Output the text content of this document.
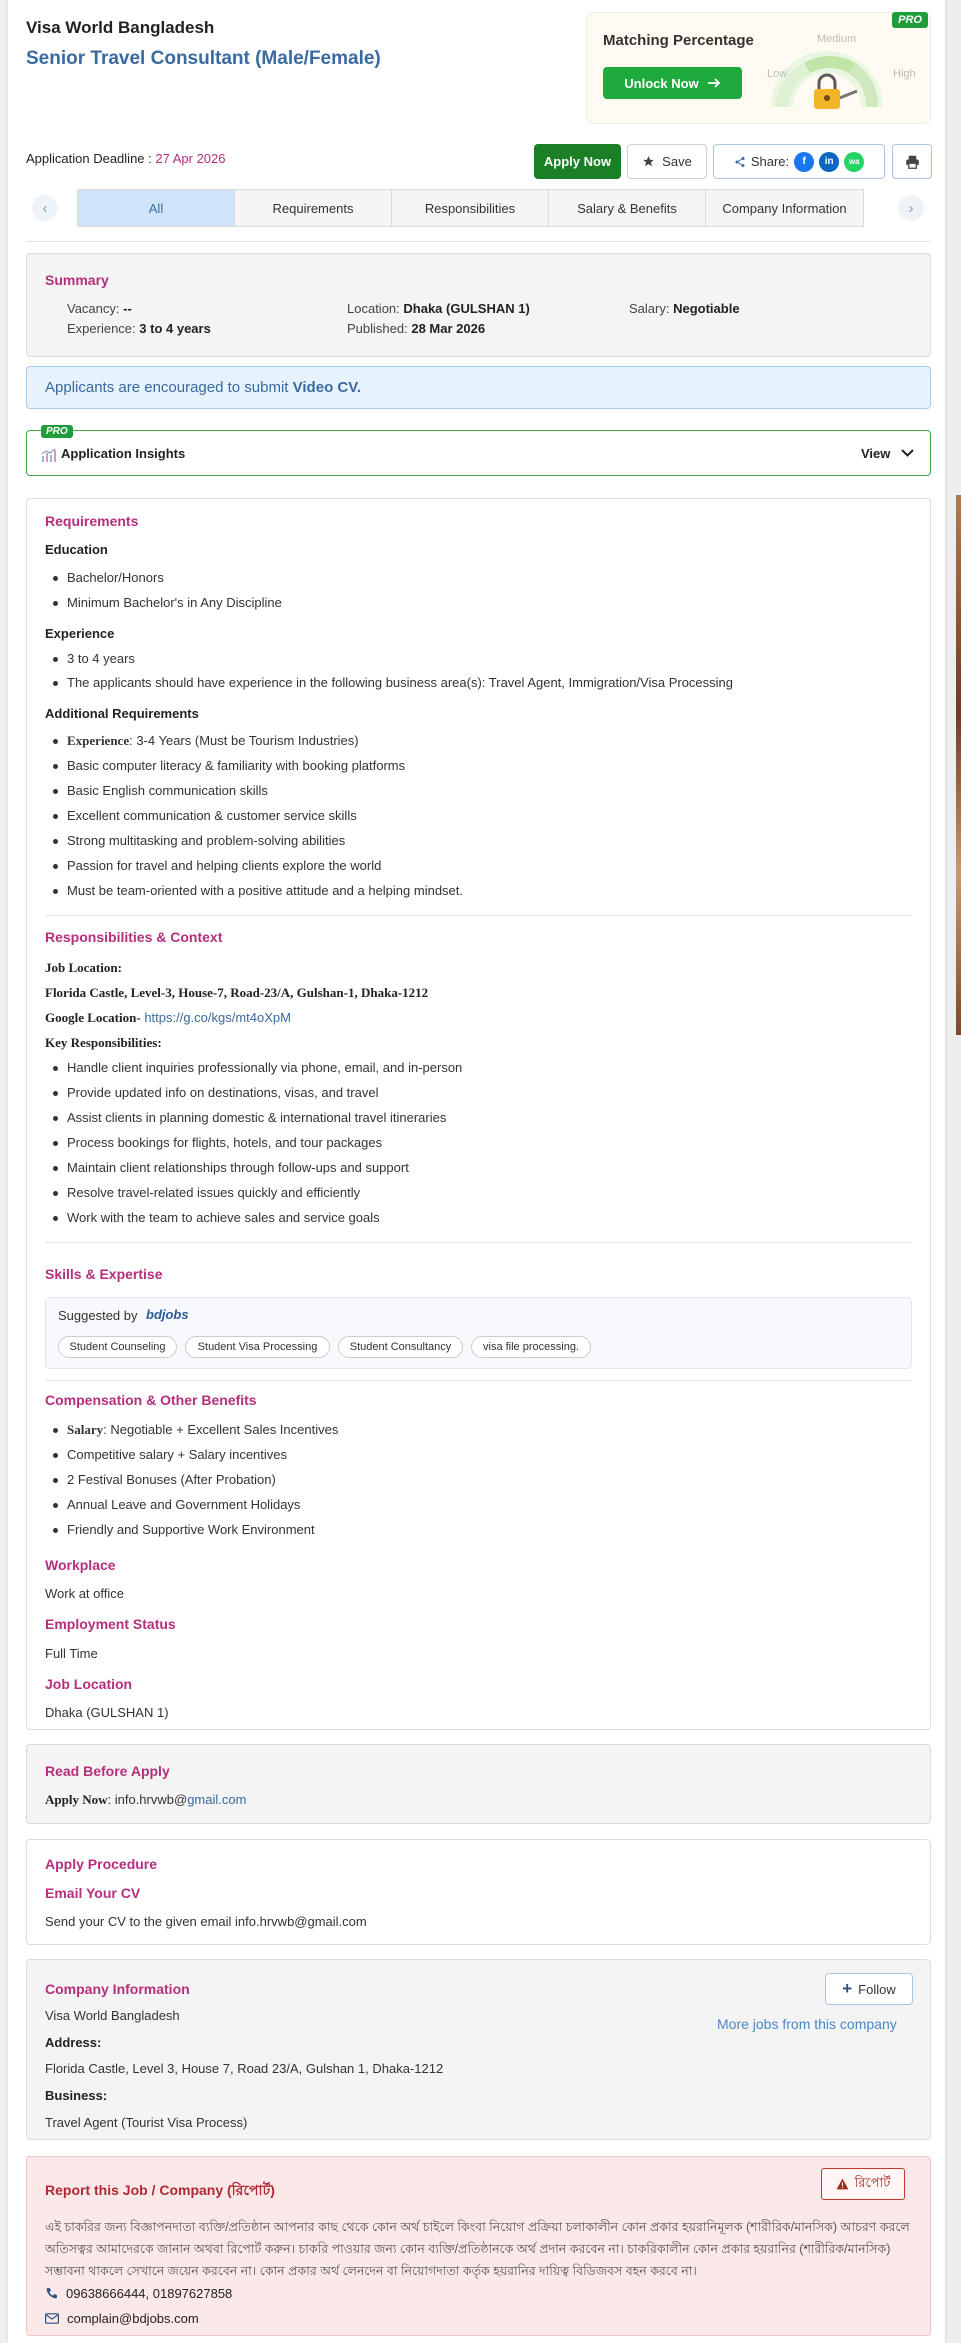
Visa World Bangladesh
Senior Travel Consultant (Male/Female)
Matching Percentage
PRO
Unlock Now
Low
Medium
High
Application Deadline : 27 Apr 2026	Apply Now	Save	Share:	f	in	wa
‹	All	Requirements	Responsibilities	Salary & Benefits	Company Information	›
Summary
Vacancy: --	Location: Dhaka (GULSHAN 1)	Salary: Negotiable
Experience: 3 to 4 years	Published: 28 Mar 2026
Applicants are encouraged to submit
Video CV.
PRO
Application Insights	View
Requirements
Education
Bachelor/Honors
Minimum Bachelor's in Any Discipline
Experience
3 to 4 years
The applicants should have experience in the following business area(s): Travel Agent, Immigration/Visa Processing
Additional Requirements
Experience: 3-4 Years (Must be Tourism Industries)
Basic computer literacy & familiarity with booking platforms
Basic English communication skills
Excellent communication & customer service skills
Strong multitasking and problem-solving abilities
Passion for travel and helping clients explore the world
Must be team-oriented with a positive attitude and a helping mindset.
Responsibilities & Context
Job Location:
Florida Castle, Level-3, House-7, Road-23/A, Gulshan-1, Dhaka-1212
Google Location- https://g.co/kgs/mt4oXpM
Key Responsibilities:
Handle client inquiries professionally via phone, email, and in-person
Provide updated info on destinations, visas, and travel
Assist clients in planning domestic & international travel itineraries
Process bookings for flights, hotels, and tour packages
Maintain client relationships through follow-ups and support
Resolve travel-related issues quickly and efficiently
Work with the team to achieve sales and service goals
Skills & Expertise
Suggested by bdjobs
Student Counseling	Student Visa Processing	Student Consultancy	visa file processing.
Compensation & Other Benefits
Salary: Negotiable + Excellent Sales Incentives
Competitive salary + Salary incentives
2 Festival Bonuses (After Probation)
Annual Leave and Government Holidays
Friendly and Supportive Work Environment
Workplace
Work at office
Employment Status
Full Time
Job Location
Dhaka (GULSHAN 1)
Read Before Apply
Apply Now: info.hrvwb@gmail.com
Apply Procedure
Email Your CV
Send your CV to the given email info.hrvwb@gmail.com
Company Information
Visa World Bangladesh
Address:
Florida Castle, Level 3, House 7, Road 23/A, Gulshan 1, Dhaka-1212
Business:
Travel Agent (Tourist Visa Process)
+ Follow
More jobs from this company
Report this Job / Company (রিপোর্ট)	রিপোর্ট
এই চাকরির জন্য বিজ্ঞাপনদাতা ব্যক্তি/প্রতিষ্ঠান আপনার কাছ থেকে কোন অর্থ চাইলে কিংবা নিয়োগ প্রক্রিয়া চলাকালীন কোন প্রকার হয়রানিমূলক (শারীরিক/মানসিক) আচরণ করলে অতিসত্বর আমাদেরকে জানান অথবা রিপোর্ট করুন। চাকরি পাওয়ার জন্য কোন ব্যক্তি/প্রতিষ্ঠানকে অর্থ প্রদান করবেন না। চাকরিকালীন কোন প্রকার হয়রানির (শারীরিক/মানসিক) সম্ভাবনা থাকলে সেখানে জয়েন করবেন না। কোন প্রকার অর্থ লেনদেন বা নিয়োগদাতা কর্তৃক হয়রানির দায়িত্ব বিডিজবস বহন করবে না।
09638666444, 01897627858
complain@bdjobs.com
